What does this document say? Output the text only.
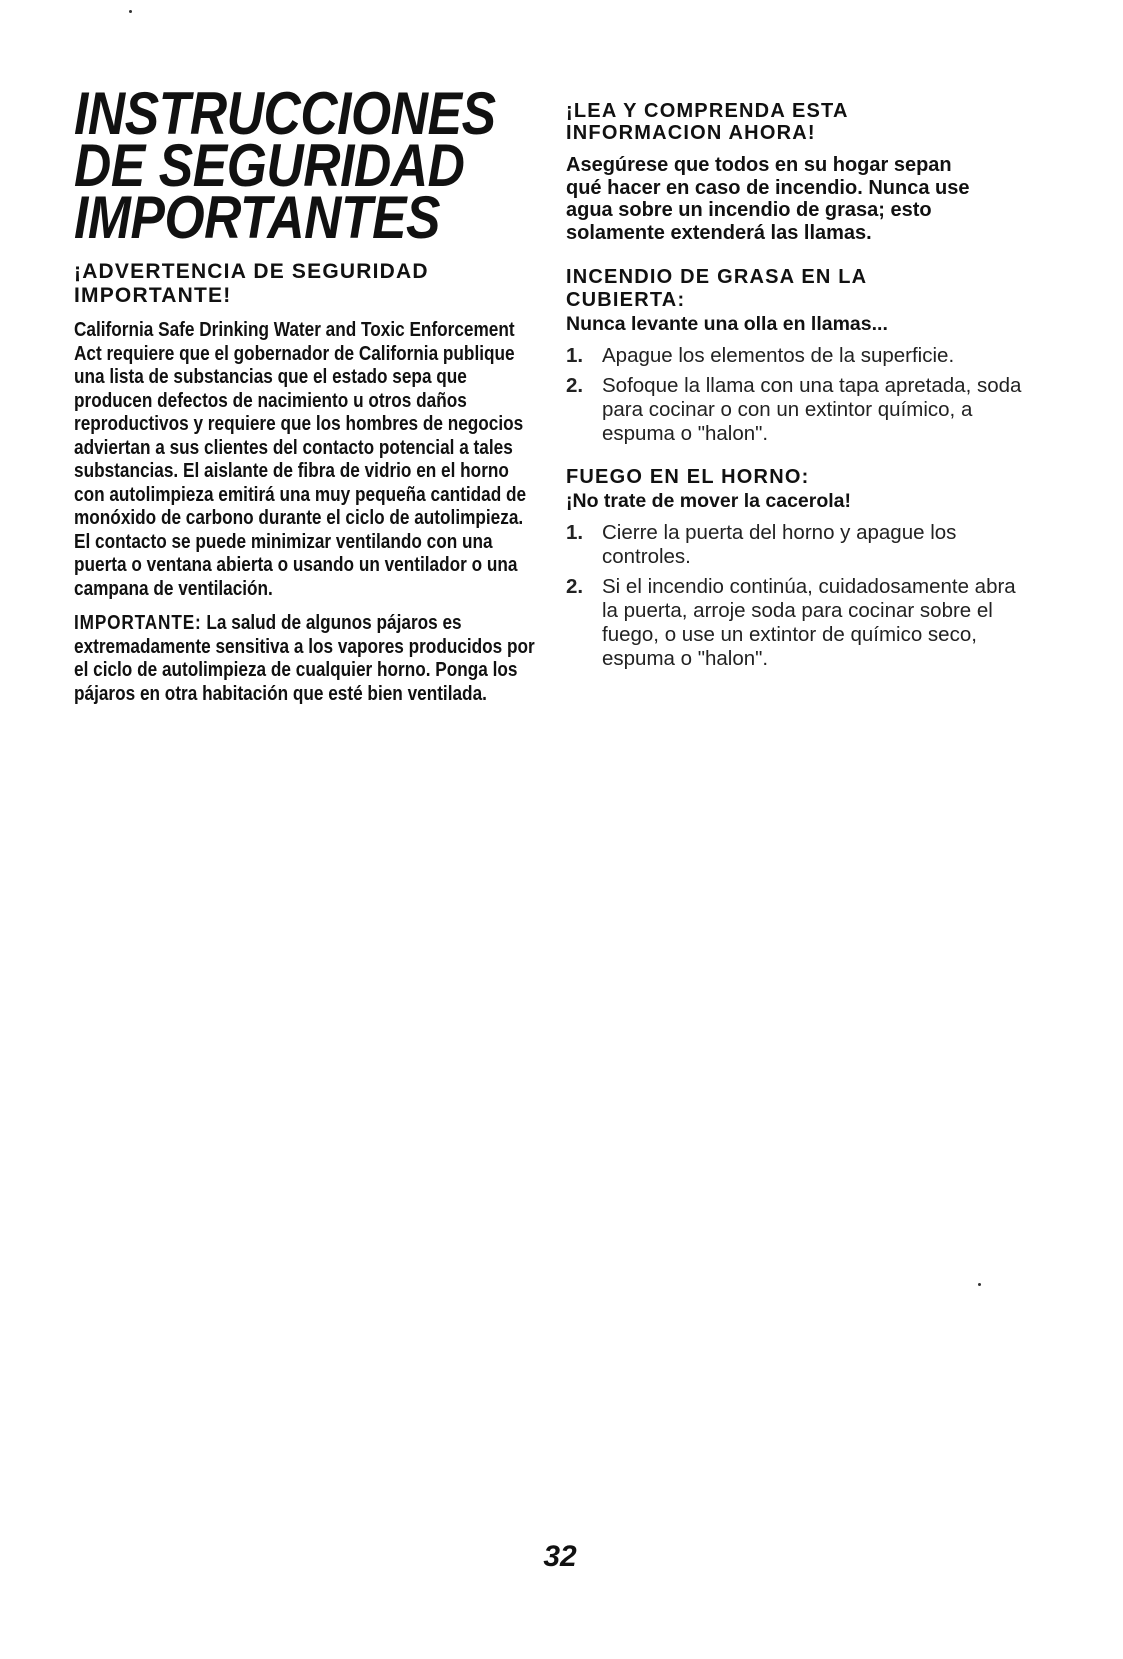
INSTRUCCIONES
DE SEGURIDAD
IMPORTANTES
¡ADVERTENCIA DE SEGURIDAD IMPORTANTE!

California Safe Drinking Water and Toxic Enforcement Act requiere que el gobernador de California publique una lista de substancias que el estado sepa que producen defectos de nacimiento u otros daños reproductivos y requiere que los hombres de negocios adviertan a sus clientes del contacto potencial a tales substancias. El aislante de fibra de vidrio en el horno con autolimpieza emitirá una muy pequeña cantidad de monóxido de carbono durante el ciclo de autolimpieza. El contacto se puede minimizar ventilando con una puerta o ventana abierta o usando un ventilador o una campana de ventilación.

IMPORTANTE: La salud de algunos pájaros es extremadamente sensitiva a los vapores producidos por el ciclo de autolimpieza de cualquier horno. Ponga los pájaros en otra habitación que esté bien ventilada.

¡LEA Y COMPRENDA ESTA INFORMACION AHORA!

Asegúrese que todos en su hogar sepan qué hacer en caso de incendio. Nunca use agua sobre un incendio de grasa; esto solamente extenderá las llamas.

INCENDIO DE GRASA EN LA CUBIERTA:

Nunca levante una olla en llamas...

1. Apague los elementos de la superficie.
2. Sofoque la llama con una tapa apretada, soda para cocinar o con un extintor químico, a espuma o "halon".
FUEGO EN EL HORNO:

¡No trate de mover la cacerola!

1. Cierre la puerta del horno y apague los controles.
2. Si el incendio continúa, cuidadosamente abra la puerta, arroje soda para cocinar sobre el fuego, o use un extintor de químico seco, espuma o "halon".
32
